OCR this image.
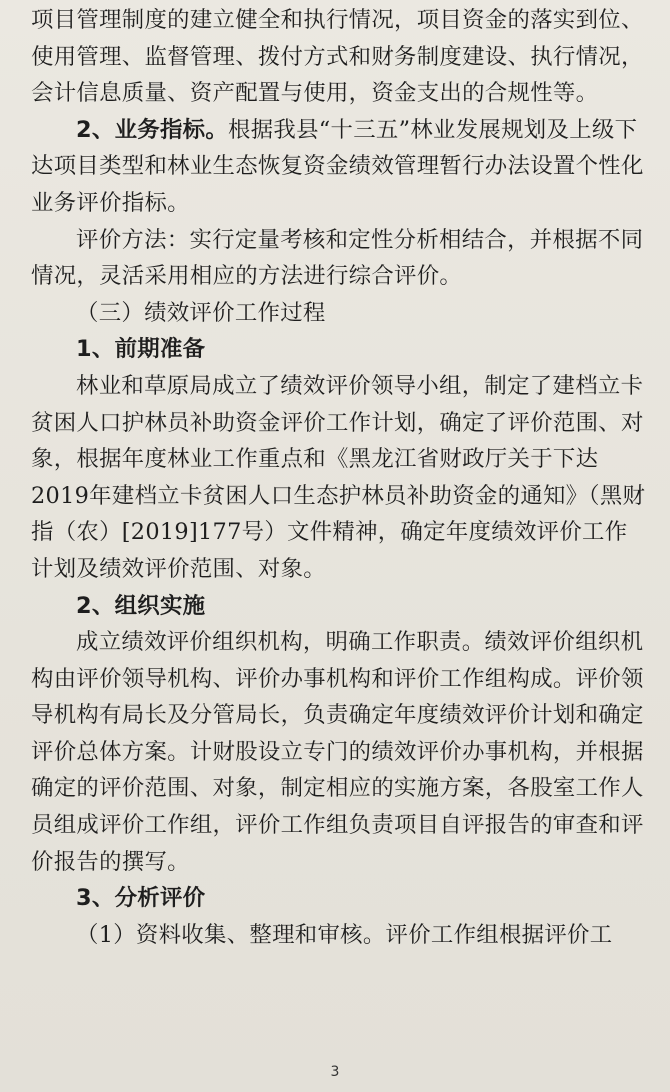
项目管理制度的建立健全和执行情况，项目资金的落实到位、使用管理、监督管理、拨付方式和财务制度建设、执行情况，会计信息质量、资产配置与使用，资金支出的合规性等。

2、业务指标。根据我县“十三五”林业发展规划及上级下达项目类型和林业生态恢复资金绩效管理暂行办法设置个性化业务评价指标。

评价方法：实行定量考核和定性分析相结合，并根据不同情况，灵活采用相应的方法进行综合评价。

（三）绩效评价工作过程

1、前期准备

林业和草原局成立了绩效评价领导小组，制定了建档立卡贫困人口护林员补助资金评价工作计划，确定了评价范围、对象，根据年度林业工作重点和《黑龙江省财政厅关于下达2019年建档立卡贫困人口生态护林员补助资金的通知》（黑财指（农）[2019]177号）文件精神，确定年度绩效评价工作计划及绩效评价范围、对象。

2、组织实施

成立绩效评价组织机构，明确工作职责。绩效评价组织机构由评价领导机构、评价办事机构和评价工作组构成。评价领导机构有局长及分管局长，负责确定年度绩效评价计划和确定评价总体方案。计财股设立专门的绩效评价办事机构，并根据确定的评价范围、对象，制定相应的实施方案，各股室工作人员组成评价工作组，评价工作组负责项目自评报告的审查和评价报告的撰写。

3、分析评价

（1）资料收集、整理和审核。评价工作组根据评价工

3
